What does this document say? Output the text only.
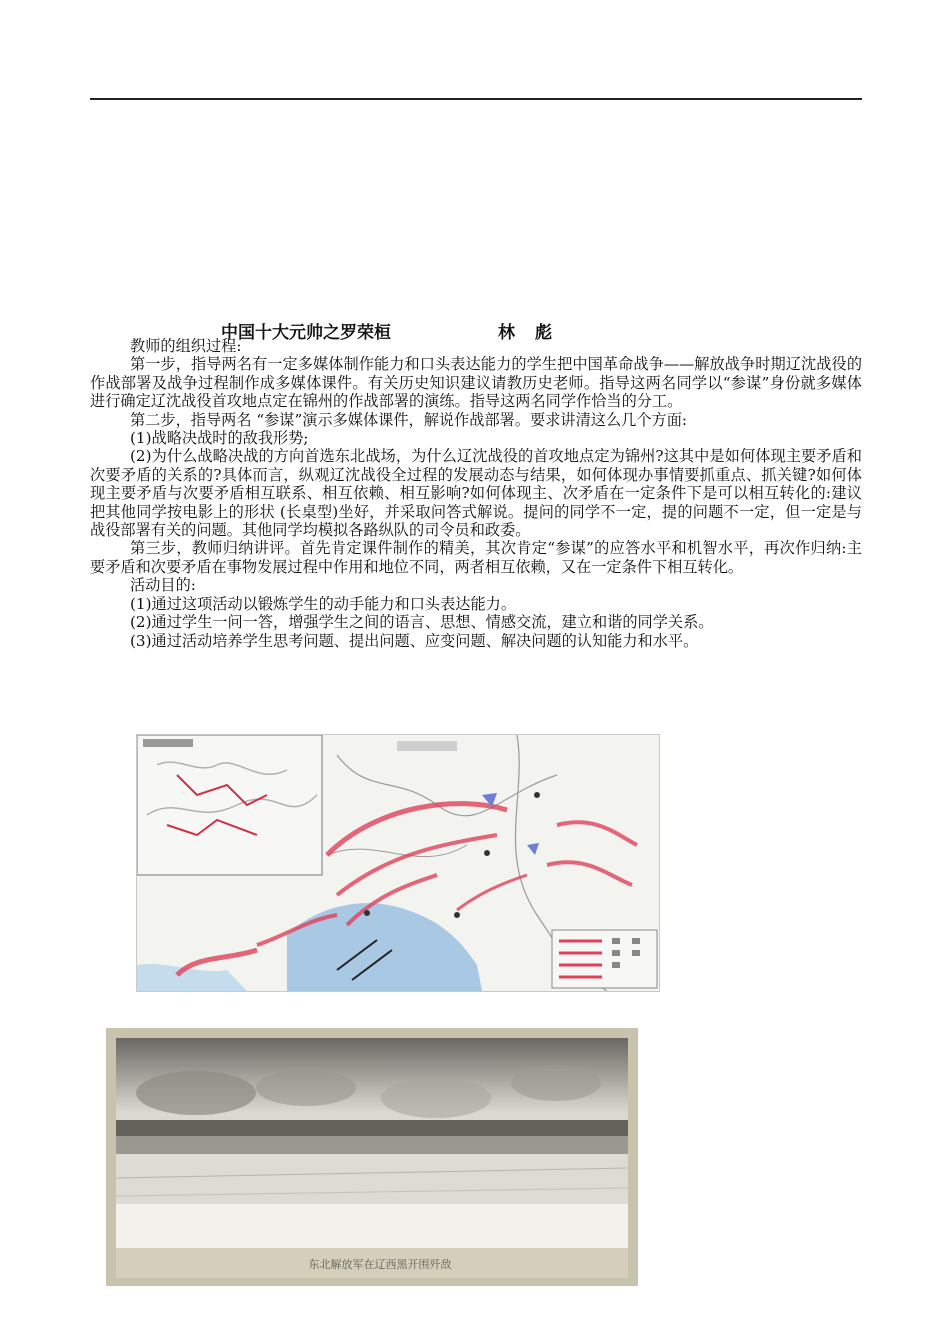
中国十大元帅之罗荣桓	林彪

教师的组织过程:

第一步，指导两名有一定多媒体制作能力和口头表达能力的学生把中国革命战争——解放战争时期辽沈战役的作战部署及战争过程制作成多媒体课件。有关历史知识建议请教历史老师。指导这两名同学以“参谋”身份就多媒体进行确定辽沈战役首攻地点定在锦州的作战部署的演练。指导这两名同学作恰当的分工。

第二步，指导两名 “参谋”演示多媒体课件，解说作战部署。要求讲清这么几个方面:

(1)战略决战时的敌我形势;

(2)为什么战略决战的方向首选东北战场，为什么辽沈战役的首攻地点定为锦州?这其中是如何体现主要矛盾和次要矛盾的关系的?具体而言，纵观辽沈战役全过程的发展动态与结果，如何体现办事情要抓重点、抓关键?如何体现主要矛盾与次要矛盾相互联系、相互依赖、相互影响?如何体现主、次矛盾在一定条件下是可以相互转化的:建议把其他同学按电影上的形状 (长桌型)坐好，并采取问答式解说。提问的同学不一定，提的问题不一定，但一定是与战役部署有关的问题。其他同学均模拟各路纵队的司令员和政委。

第三步，教师归纳讲评。首先肯定课件制作的精美，其次肯定“参谋”的应答水平和机智水平，再次作归纳:主要矛盾和次要矛盾在事物发展过程中作用和地位不同，两者相互依赖，又在一定条件下相互转化。

活动目的:

(1)通过这项活动以锻炼学生的动手能力和口头表达能力。

(2)通过学生一问一答，增强学生之间的语言、思想、情感交流，建立和谐的同学关系。

(3)通过活动培养学生思考问题、提出问题、应变问题、解决问题的认知能力和水平。

东北解放军在辽西黑开围歼敌
